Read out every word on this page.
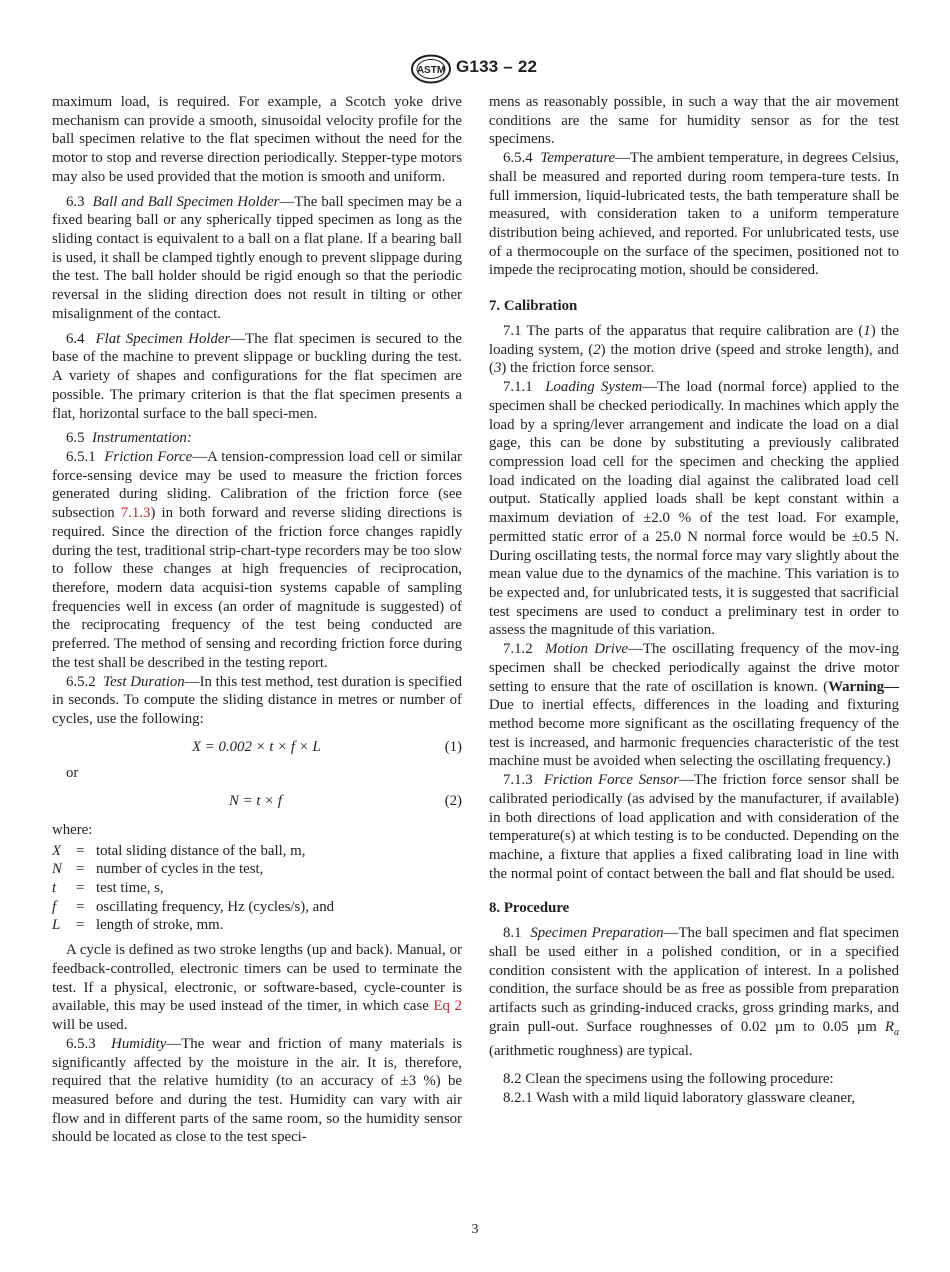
ASTM G133 – 22

maximum load, is required. For example, a Scotch yoke drive mechanism can provide a smooth, sinusoidal velocity profile for the ball specimen relative to the flat specimen without the need for the motor to stop and reverse direction periodically. Stepper-type motors may also be used provided that the motion is smooth and uniform.

6.3 Ball and Ball Specimen Holder—The ball specimen may be a fixed bearing ball or any spherically tipped specimen as long as the sliding contact is equivalent to a ball on a flat plane. If a bearing ball is used, it shall be clamped tightly enough to prevent slippage during the test. The ball holder should be rigid enough so that the periodic reversal in the sliding direction does not result in tilting or other misalignment of the contact.

6.4 Flat Specimen Holder—The flat specimen is secured to the base of the machine to prevent slippage or buckling during the test. A variety of shapes and configurations for the flat specimen are possible. The primary criterion is that the flat specimen presents a flat, horizontal surface to the ball speci-men.

6.5 Instrumentation:

6.5.1 Friction Force—A tension-compression load cell or similar force-sensing device may be used to measure the friction forces generated during sliding. Calibration of the friction force (see subsection 7.1.3) in both forward and reverse sliding directions is required. Since the direction of the friction force changes rapidly during the test, traditional strip-chart-type recorders may be too slow to follow these changes at high frequencies of reciprocation, therefore, modern data acquisi-tion systems capable of sampling frequencies well in excess (an order of magnitude is suggested) of the reciprocating frequency of the test being conducted are preferred. The method of sensing and recording friction force during the test shall be described in the testing report.

6.5.2 Test Duration—In this test method, test duration is specified in seconds. To compute the sliding distance in metres or number of cycles, use the following:

X = 0.002 × t × f × L	(1)
or
N = t × f	(2)
where:
X	= total sliding distance of the ball, m,
N = number of cycles in the test,
t	= test time, s,
f	= oscillating frequency, Hz (cycles/s), and
L	= length of stroke, mm.

A cycle is defined as two stroke lengths (up and back). Manual, or feedback-controlled, electronic timers can be used to terminate the test. If a physical, electronic, or software-based, cycle-counter is available, this may be used instead of the timer, in which case Eq 2 will be used.

6.5.3 Humidity—The wear and friction of many materials is significantly affected by the moisture in the air. It is, therefore, required that the relative humidity (to an accuracy of ±3 %) be measured before and during the test. Humidity can vary with air flow and in different parts of the same room, so the humidity sensor should be located as close to the test speci-

mens as reasonably possible, in such a way that the air movement conditions are the same for humidity sensor as for the test specimens.

6.5.4 Temperature—The ambient temperature, in degrees Celsius, shall be measured and reported during room tempera-ture tests. In full immersion, liquid-lubricated tests, the bath temperature shall be measured, with consideration taken to a uniform temperature distribution being achieved, and reported. For unlubricated tests, use of a thermocouple on the surface of the specimen, positioned not to impede the reciprocating motion, should be considered.

7. Calibration

7.1 The parts of the apparatus that require calibration are (1) the loading system, (2) the motion drive (speed and stroke length), and (3) the friction force sensor.

7.1.1 Loading System—The load (normal force) applied to the specimen shall be checked periodically. In machines which apply the load by a spring/lever arrangement and indicate the load on a dial gage, this can be done by substituting a previously calibrated compression load cell for the specimen and checking the applied load indicated on the loading dial against the calibrated load cell output. Statically applied loads shall be kept constant within a maximum deviation of ±2.0 % of the test load. For example, permitted static error of a 25.0 N normal force would be ±0.5 N. During oscillating tests, the normal force may vary slightly about the mean value due to the dynamics of the machine. This variation is to be expected and, for unlubricated tests, it is suggested that sacrificial test specimens are used to conduct a preliminary test in order to assess the magnitude of this variation.

7.1.2 Motion Drive—The oscillating frequency of the mov-ing specimen shall be checked periodically against the drive motor setting to ensure that the rate of oscillation is known. (Warning—Due to inertial effects, differences in the loading and fixturing method become more significant as the oscillating frequency of the test is increased, and harmonic frequencies characteristic of the test machine must be avoided when selecting the oscillating frequency.)

7.1.3 Friction Force Sensor—The friction force sensor shall be calibrated periodically (as advised by the manufacturer, if available) in both directions of load application and with consideration of the temperature(s) at which testing is to be conducted. Depending on the machine, a fixture that applies a fixed calibrating load in line with the normal point of contact between the ball and flat should be used.

8. Procedure

8.1 Specimen Preparation—The ball specimen and flat specimen shall be used either in a polished condition, or in a specified condition consistent with the application of interest. In a polished condition, the surface should be as free as possible from preparation artifacts such as grinding-induced cracks, gross grinding marks, and grain pull-out. Surface roughnesses of 0.02 µm to 0.05 µm $R_a$ (arithmetic roughness) are typical.

8.2 Clean the specimens using the following procedure:

8.2.1 Wash with a mild liquid laboratory glassware cleaner,

3
